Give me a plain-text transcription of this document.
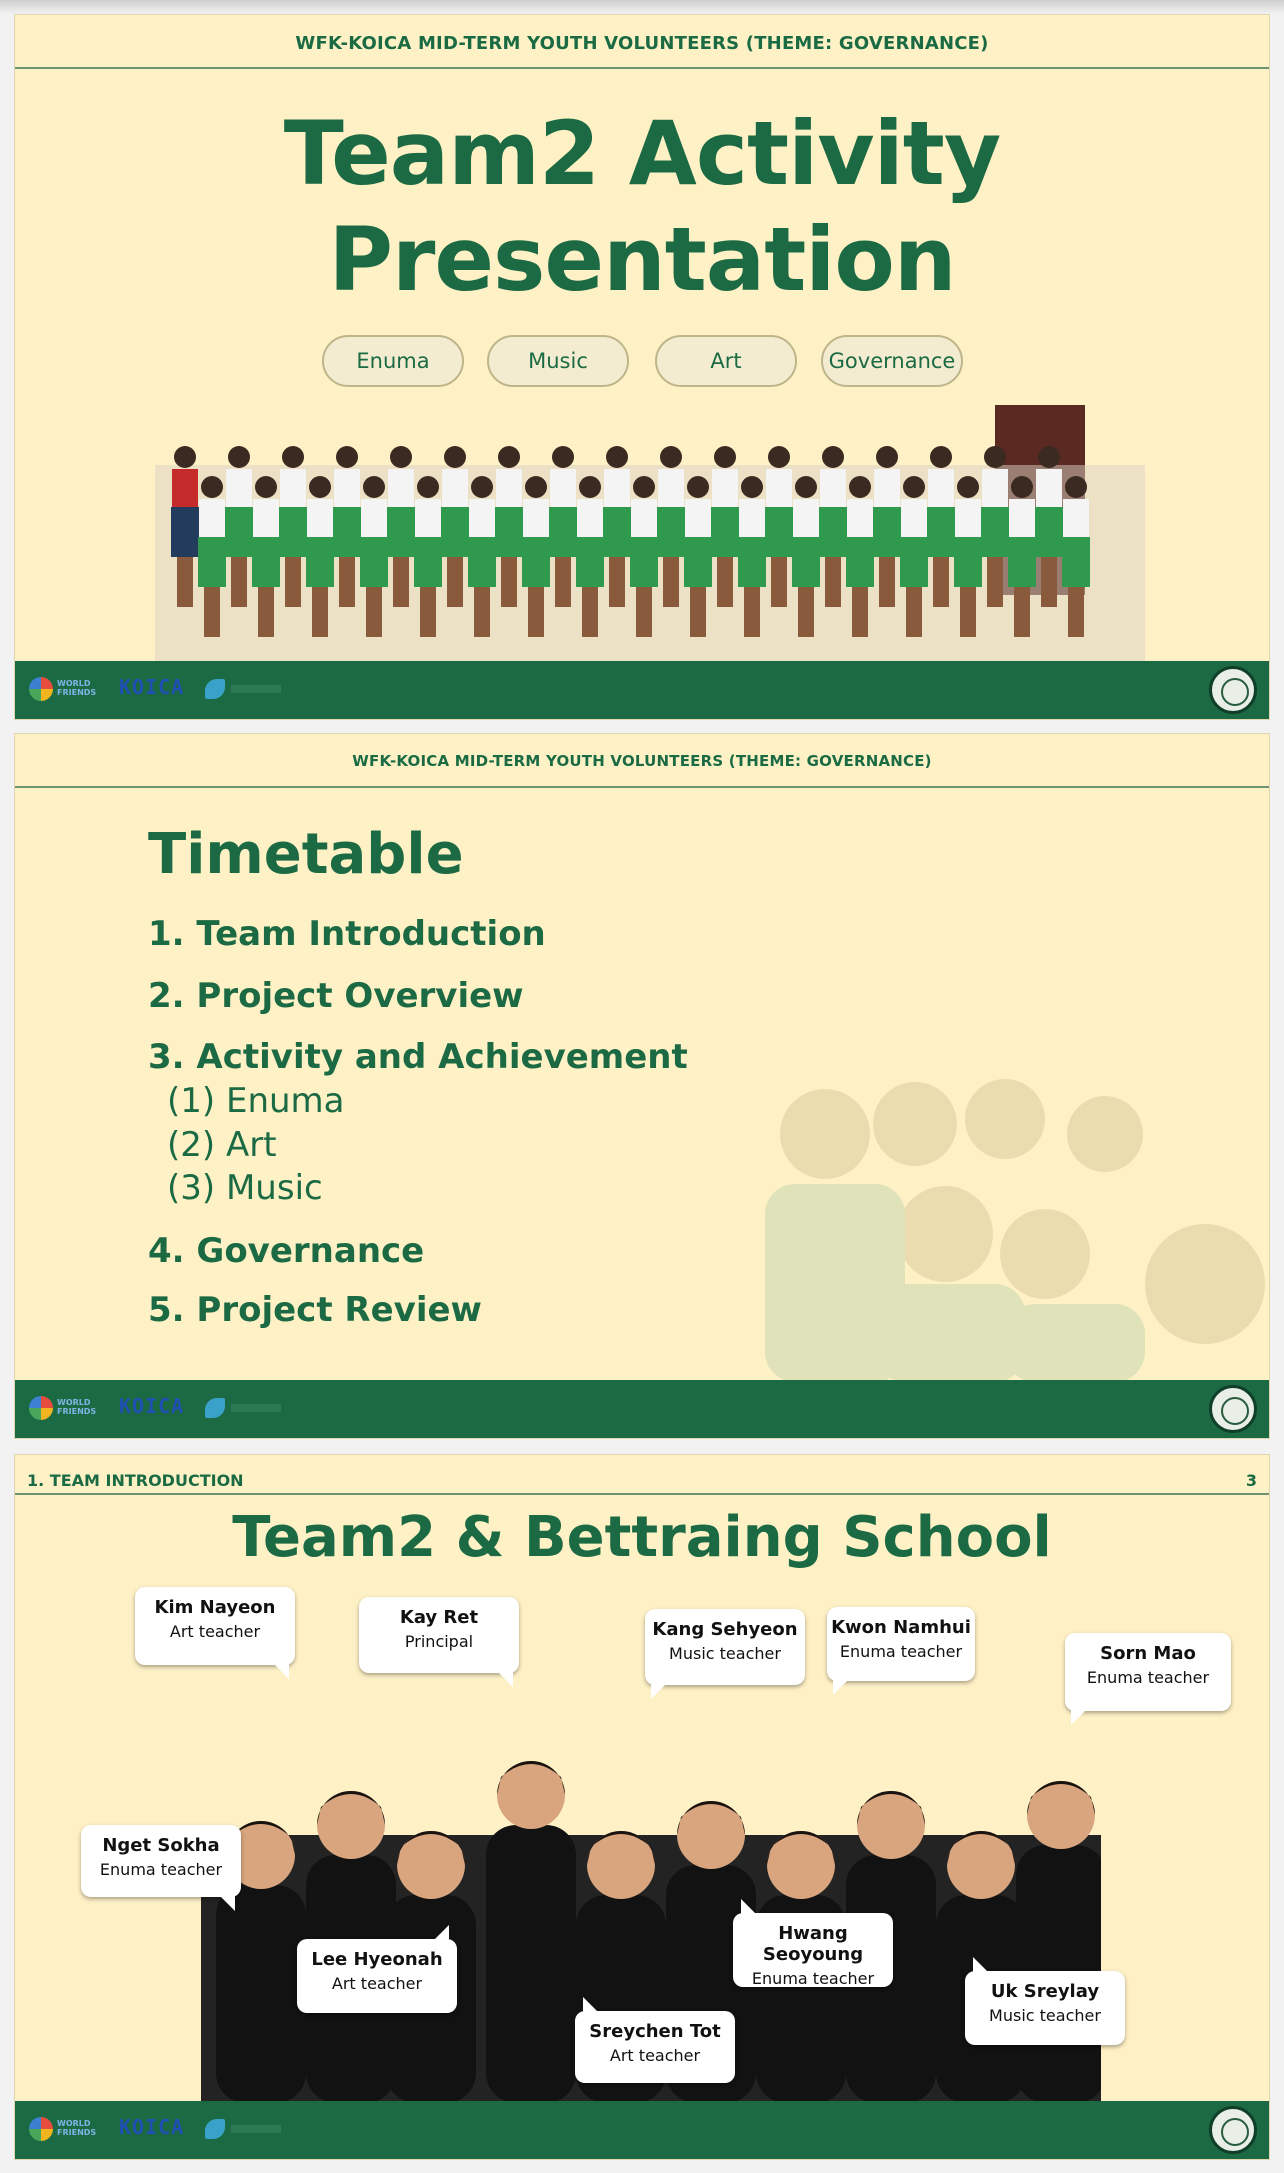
WFK-KOICA MID-TERM YOUTH VOLUNTEERS (THEME: GOVERNANCE)
Team2 Activity
Presentation
Enuma	Music	Art	Governance
WORLD
FRIENDS KOICA
WFK-KOICA MID-TERM YOUTH VOLUNTEERS (THEME: GOVERNANCE)
Timetable
1. Team Introduction
2. Project Overview
3. Activity and Achievement
(1) Enuma
(2) Art
(3) Music
4. Governance
5. Project Review
WORLD
FRIENDS KOICA
1. TEAM INTRODUCTION	3
Team2 & Bettraing School
Kim Nayeon
Art teacher
Kay Ret
Principal
Kang Sehyeon
Music teacher
Kwon Namhui
Enuma teacher	Sorn Mao
Enuma teacher
Nget Sokha
Enuma teacher
Lee Hyeonah
Art teacher
Hwang Seoyoung
Enuma teacher
Sreychen Tot
Art teacher
Uk Sreylay
Music teacher
WORLD
FRIENDS KOICA
